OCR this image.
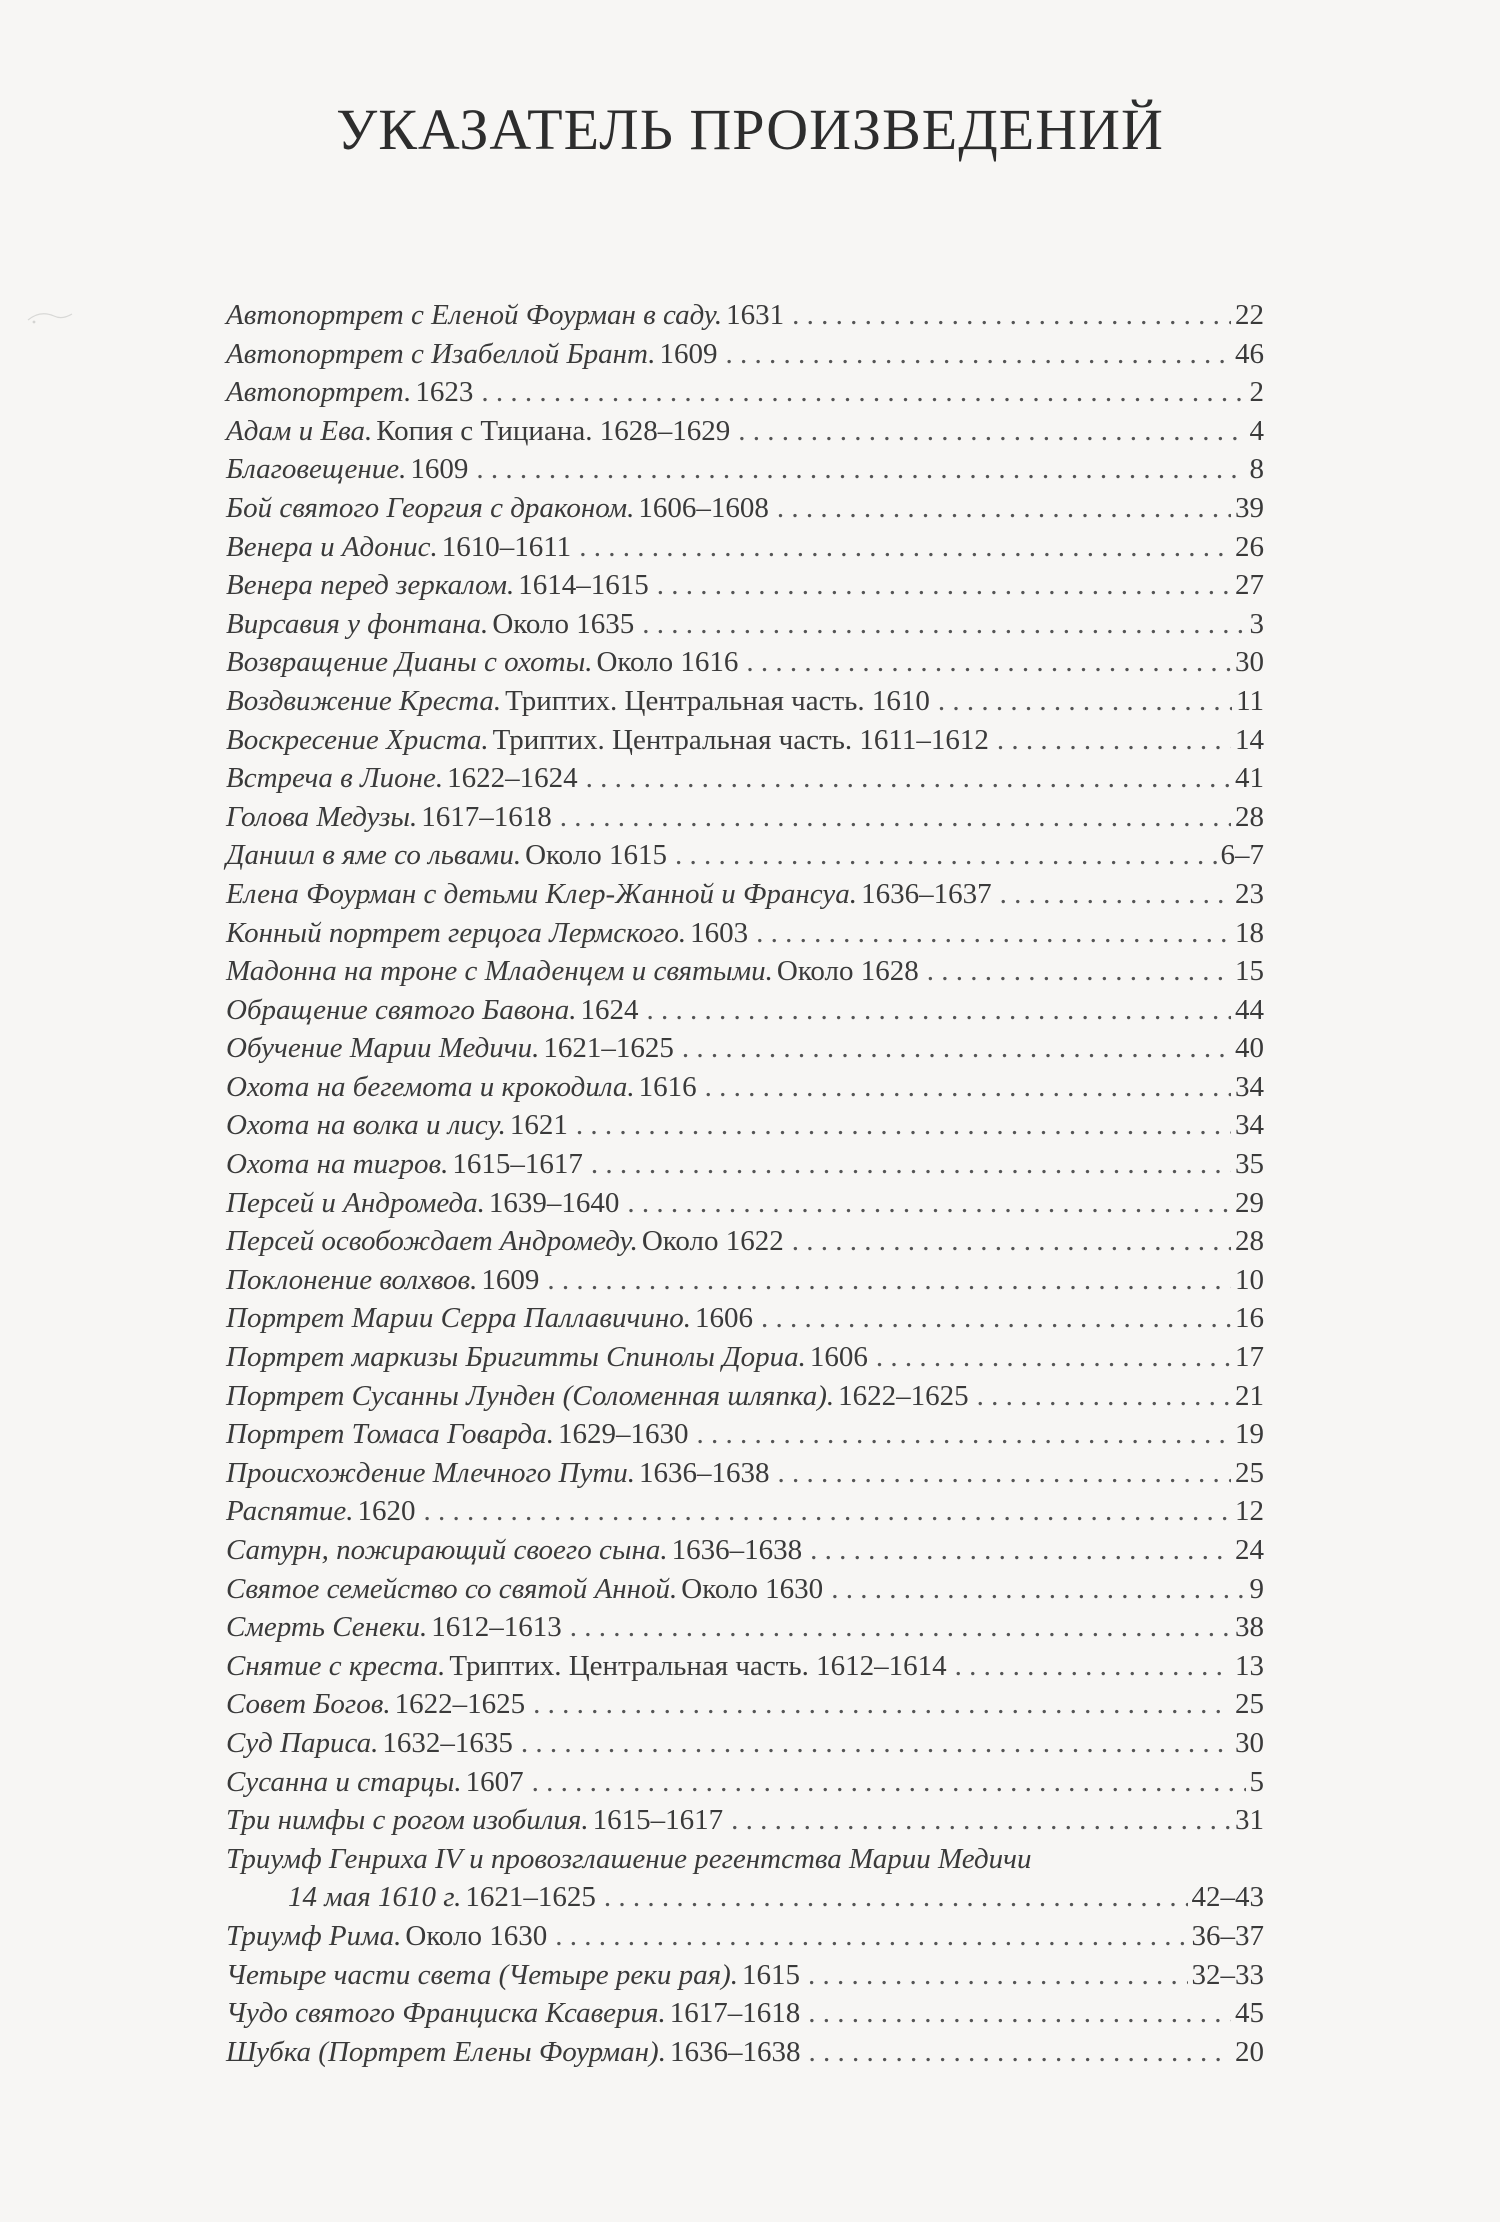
УКАЗАТЕЛЬ ПРОИЗВЕДЕНИЙ
Автопортрет с Еленой Фоурман в саду. 1631 . . .	22
Автопортрет с Изабеллой Брант. 1609 . . .	46
Автопортрет. 1623 . . .	2
Адам и Ева. Копия с Тициана. 1628–1629 . . .	4
Благовещение. 1609 . . .	8
Бой святого Георгия с драконом. 1606–1608 . . .	39
Венера и Адонис. 1610–1611 . . .	26
Венера перед зеркалом. 1614–1615 . . .	27
Вирсавия у фонтана. Около 1635 . . .	3
Возвращение Дианы с охоты. Около 1616 . . .	30
Воздвижение Креста. Триптих. Центральная часть. 1610 . . .	11
Воскресение Христа. Триптих. Центральная часть. 1611–1612 . . .	14
Встреча в Лионе. 1622–1624 . . .	41
Голова Медузы. 1617–1618 . . .	28
Даниил в яме со львами. Около 1615 . . .	6–7
Елена Фоурман с детьми Клер-Жанной и Франсуа. 1636–1637 . . .	23
Конный портрет герцога Лермского. 1603 . . .	18
Мадонна на троне с Младенцем и святыми. Около 1628 . . .	15
Обращение святого Бавона. 1624 . . .	44
Обучение Марии Медичи. 1621–1625 . . .	40
Охота на бегемота и крокодила. 1616 . . .	34
Охота на волка и лису. 1621 . . .	34
Охота на тигров. 1615–1617 . . .	35
Персей и Андромеда. 1639–1640 . . .	29
Персей освобождает Андромеду. Около 1622 . . .	28
Поклонение волхвов. 1609 . . .	10
Портрет Марии Серра Паллавичино. 1606 . . .	16
Портрет маркизы Бригитты Спинолы Дориа. 1606 . . .	17
Портрет Сусанны Лунден (Соломенная шляпка). 1622–1625 . . .	21
Портрет Томаса Говарда. 1629–1630 . . .	19
Происхождение Млечного Пути. 1636–1638 . . .	25
Распятие. 1620 . . .	12
Сатурн, пожирающий своего сына. 1636–1638 . . .	24
Святое семейство со святой Анной. Около 1630 . . .	9
Смерть Сенеки. 1612–1613 . . .	38
Снятие с креста. Триптих. Центральная часть. 1612–1614 . . .	13
Совет Богов. 1622–1625 . . .	25
Суд Париса. 1632–1635 . . .	30
Сусанна и старцы. 1607 . . .	5
Три нимфы с рогом изобилия. 1615–1617 . . .	31
Триумф Генриха IV и провозглашение регентства Марии Медичи
14 мая 1610 г. 1621–1625 . . .	42–43
Триумф Рима. Около 1630 . . .	36–37
Четыре части света (Четыре реки рая). 1615 . . .	32–33
Чудо святого Франциска Ксаверия. 1617–1618 . . .	45
Шубка (Портрет Елены Фоурман). 1636–1638 . . .	20
